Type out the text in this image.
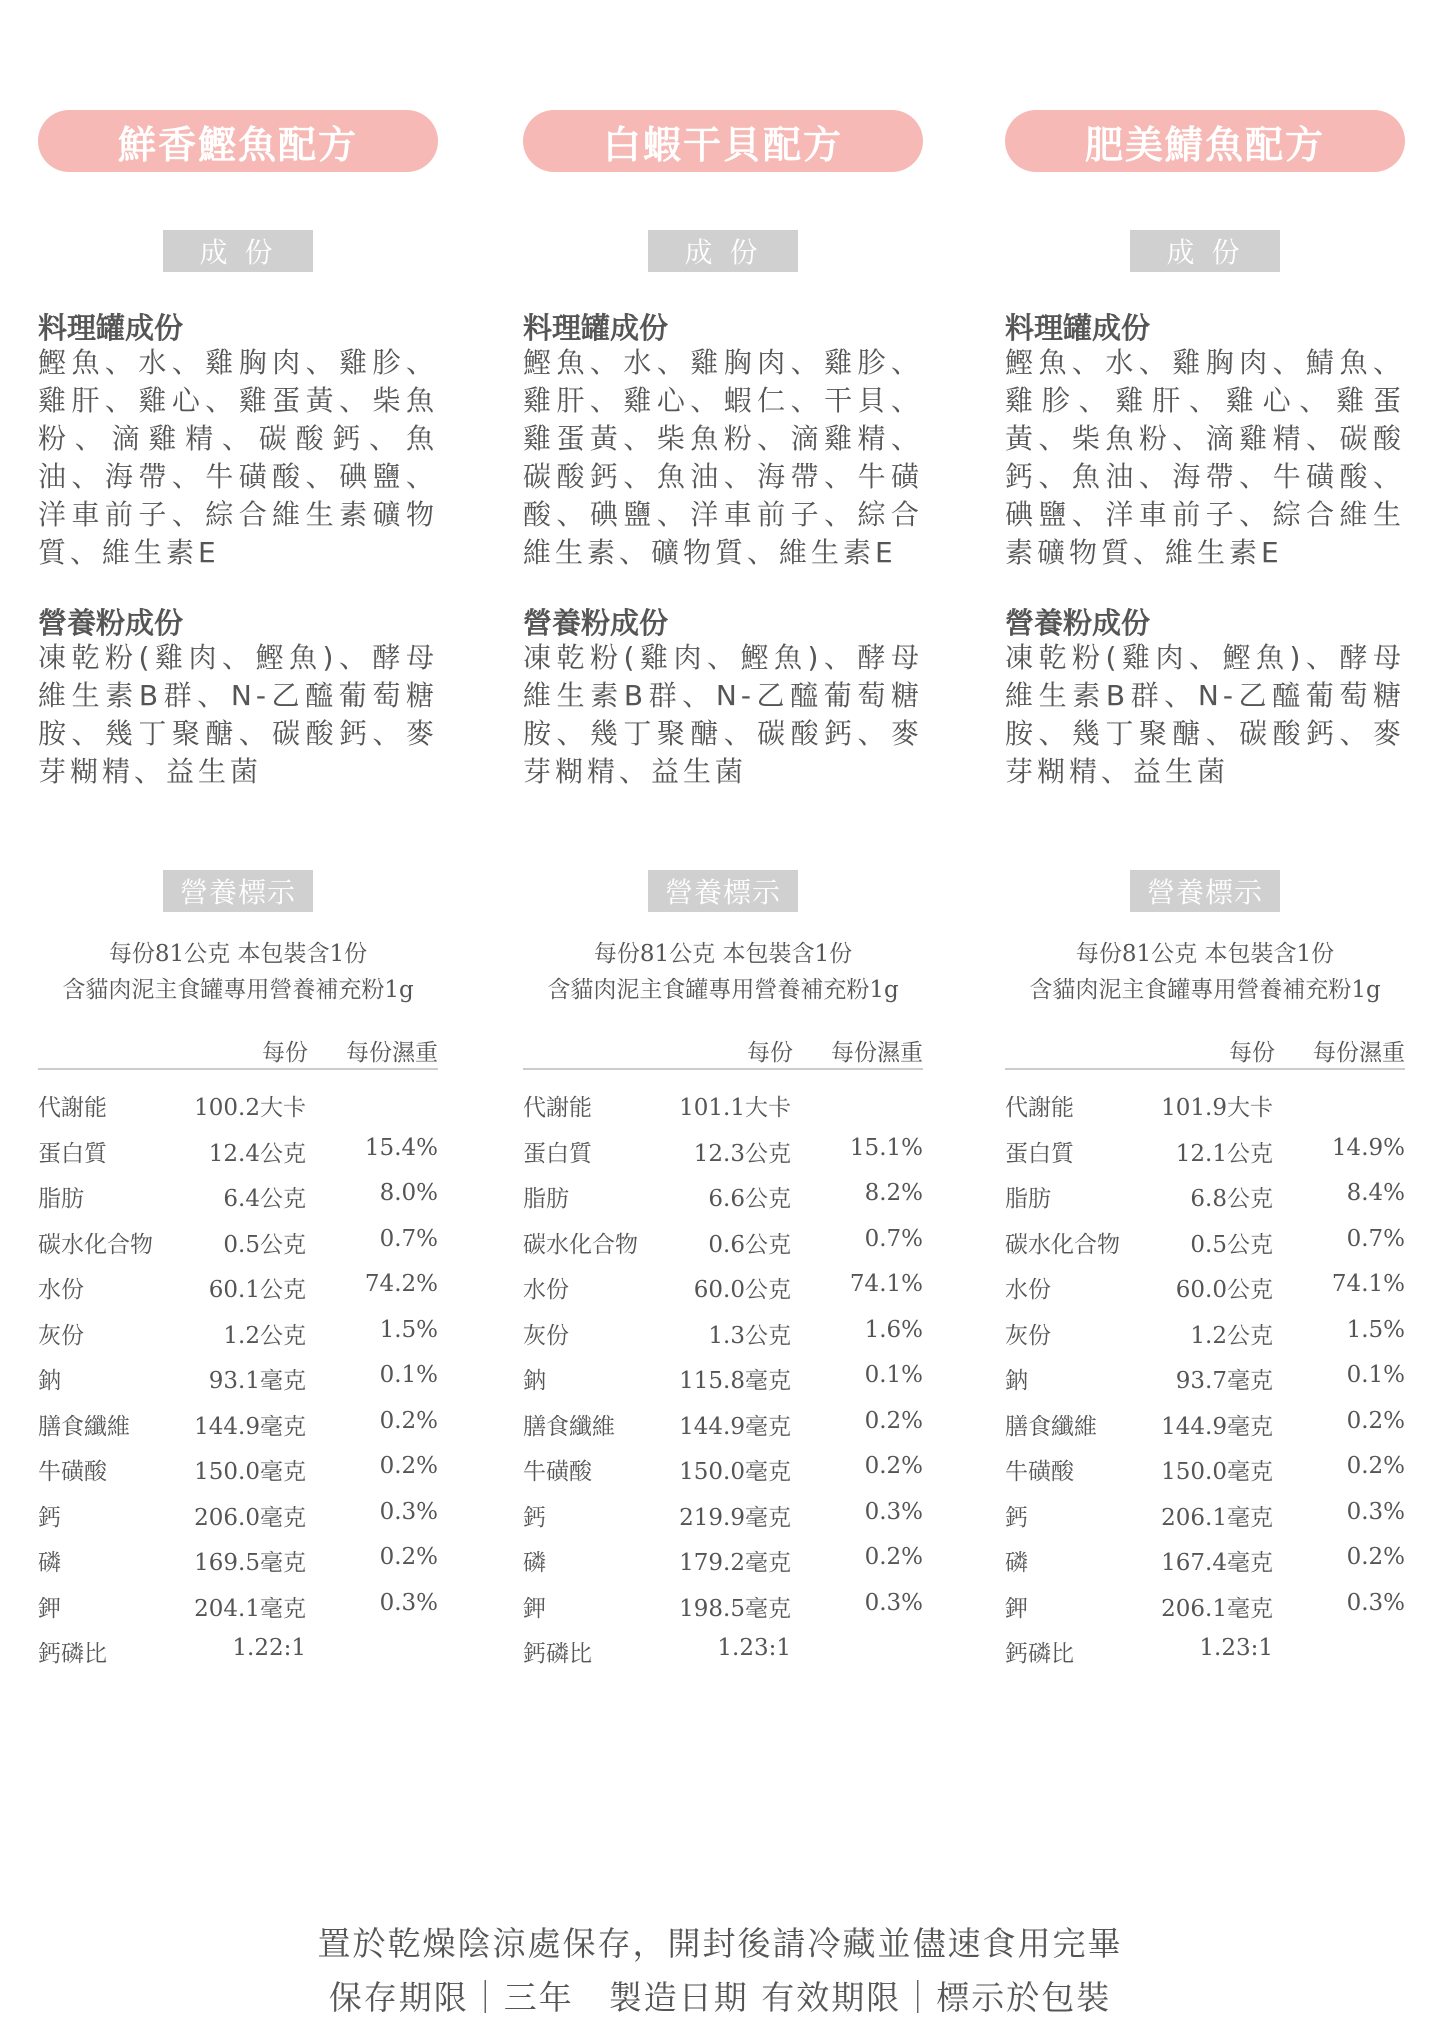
鮮香鰹魚配方
成 份
料理罐成份
鰹魚、水、雞胸肉、雞胗、雞肝、雞心、雞蛋黃、柴魚粉、滴雞精、碳酸鈣、魚油、海帶、牛磺酸、碘鹽、洋車前子、綜合維生素礦物質、維生素E
營養粉成份
凍乾粉(雞肉、鰹魚)、酵母維生素B群、N-乙醯葡萄糖胺、幾丁聚醣、碳酸鈣、麥芽糊精、益生菌
營養標示
每份81公克 本包裝含1份
含貓肉泥主食罐專用營養補充粉1g
每份 每份濕重
代謝能	100.2大卡
蛋白質	12.4公克	15.4%
脂肪	6.4公克	8.0%
碳水化合物	0.5公克	0.7%
水份	60.1公克	74.2%
灰份	1.2公克	1.5%
鈉	93.1毫克	0.1%
膳食纖維	144.9毫克	0.2%
牛磺酸	150.0毫克	0.2%
鈣	206.0毫克	0.3%
磷	169.5毫克	0.2%
鉀	204.1毫克	0.3%
鈣磷比	1.22:1
白蝦干貝配方
成 份
料理罐成份
鰹魚、水、雞胸肉、雞胗、雞肝、雞心、蝦仁、干貝、雞蛋黃、柴魚粉、滴雞精、碳酸鈣、魚油、海帶、牛磺酸、碘鹽、洋車前子、綜合維生素、礦物質、維生素E
營養粉成份
凍乾粉(雞肉、鰹魚)、酵母維生素B群、N-乙醯葡萄糖胺、幾丁聚醣、碳酸鈣、麥芽糊精、益生菌
營養標示
每份81公克 本包裝含1份
含貓肉泥主食罐專用營養補充粉1g
每份 每份濕重
代謝能	101.1大卡
蛋白質	12.3公克	15.1%
脂肪	6.6公克	8.2%
碳水化合物	0.6公克	0.7%
水份	60.0公克	74.1%
灰份	1.3公克	1.6%
鈉	115.8毫克	0.1%
膳食纖維	144.9毫克	0.2%
牛磺酸	150.0毫克	0.2%
鈣	219.9毫克	0.3%
磷	179.2毫克	0.2%
鉀	198.5毫克	0.3%
鈣磷比	1.23:1
肥美鯖魚配方
成 份
料理罐成份
鰹魚、水、雞胸肉、鯖魚、雞胗、雞肝、雞心、雞蛋黃、柴魚粉、滴雞精、碳酸鈣、魚油、海帶、牛磺酸、碘鹽、洋車前子、綜合維生素礦物質、維生素E
營養粉成份
凍乾粉(雞肉、鰹魚)、酵母維生素B群、N-乙醯葡萄糖胺、幾丁聚醣、碳酸鈣、麥芽糊精、益生菌
營養標示
每份81公克 本包裝含1份
含貓肉泥主食罐專用營養補充粉1g
每份 每份濕重
代謝能	101.9大卡
蛋白質	12.1公克	14.9%
脂肪	6.8公克	8.4%
碳水化合物	0.5公克	0.7%
水份	60.0公克	74.1%
灰份	1.2公克	1.5%
鈉	93.7毫克	0.1%
膳食纖維	144.9毫克	0.2%
牛磺酸	150.0毫克	0.2%
鈣	206.1毫克	0.3%
磷	167.4毫克	0.2%
鉀	206.1毫克	0.3%
鈣磷比	1.23:1
置於乾燥陰涼處保存，開封後請冷藏並儘速食用完畢
保存期限｜三年　製造日期 有效期限｜標示於包裝
